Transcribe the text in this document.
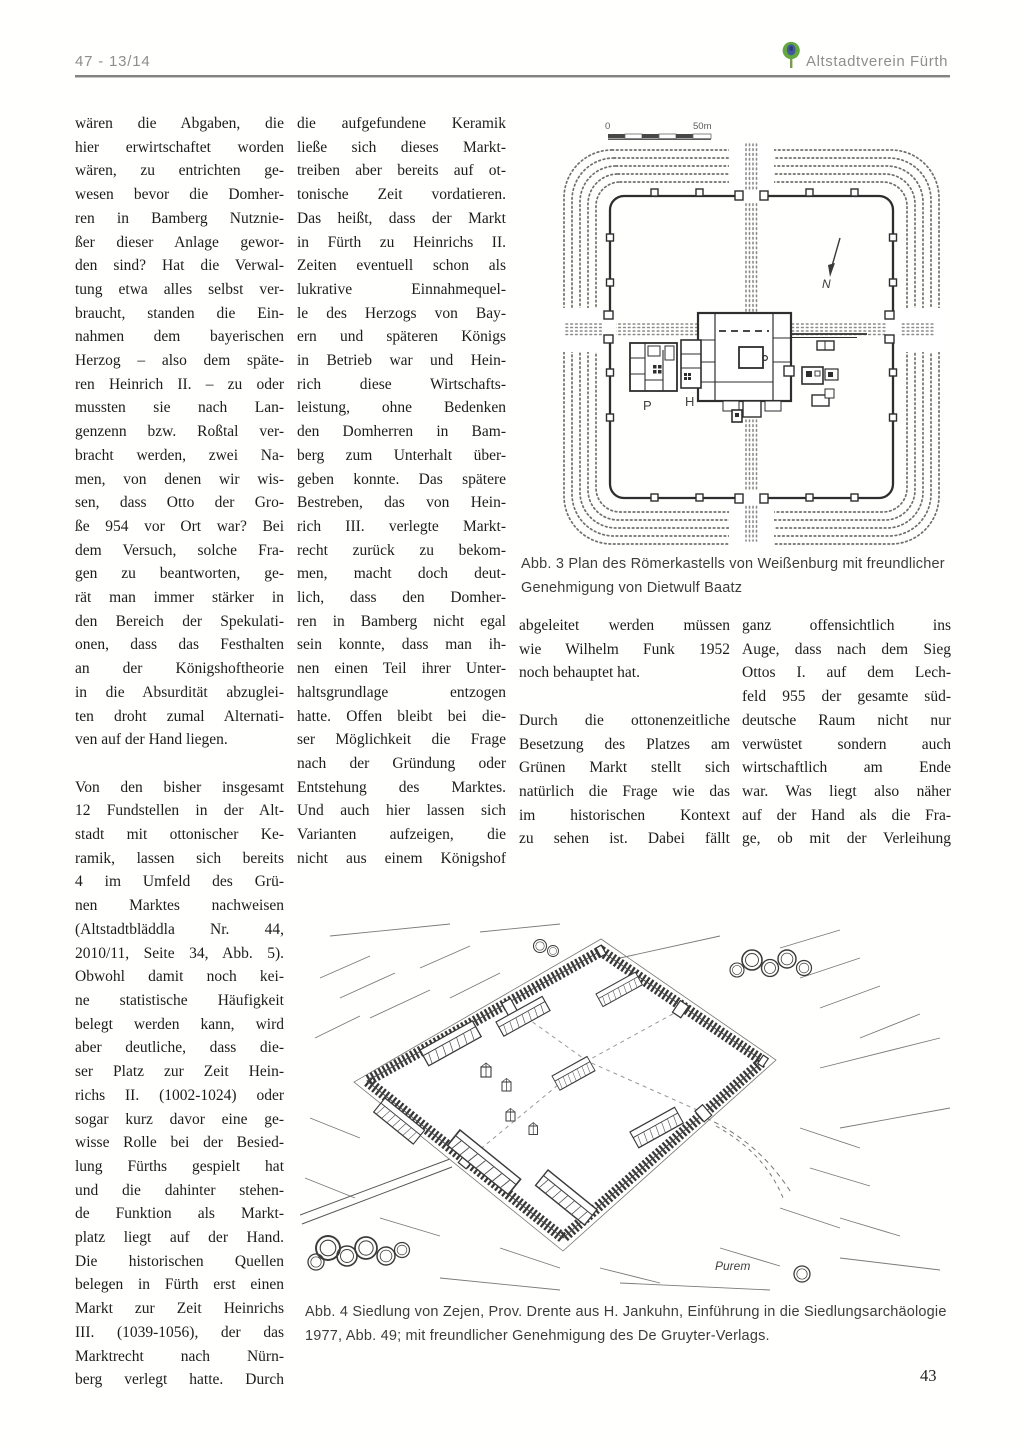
47 - 13/14	Altstadtverein Fürth
wären die Abgaben, die
hier erwirtschaftet worden
wären, zu entrichten ge-
wesen bevor die Domher-
ren in Bamberg Nutznie-
ßer dieser Anlage gewor-
den sind? Hat die Verwal-
tung etwa alles selbst ver-
braucht, standen die Ein-
nahmen dem bayerischen
Herzog – also dem späte-
ren Heinrich II. – zu oder
mussten sie nach Lan-
genzenn bzw. Roßtal ver-
bracht werden, zwei Na-
men, von denen wir wis-
sen, dass Otto der Gro-
ße 954 vor Ort war? Bei
dem Versuch, solche Fra-
gen zu beantworten, ge-
rät man immer stärker in
den Bereich der Spekulati-
onen, dass das Festhalten
an der Königshoftheorie
in die Absurdität abzuglei-
ten droht zumal Alternati-
ven auf der Hand liegen.
Von den bisher insgesamt
12 Fundstellen in der Alt-
stadt mit ottonischer Ke-
ramik, lassen sich bereits
4 im Umfeld des Grü-
nen Marktes nachweisen
(Altstadtbläddla Nr. 44,
2010/11, Seite 34, Abb. 5).
Obwohl damit noch kei-
ne statistische Häufigkeit
belegt werden kann, wird
aber deutliche, dass die-
ser Platz zur Zeit Hein-
richs II. (1002-1024) oder
sogar kurz davor eine ge-
wisse Rolle bei der Besied-
lung Fürths gespielt hat
und die dahinter stehen-
de Funktion als Markt-
platz liegt auf der Hand.
Die historischen Quellen
belegen in Fürth erst einen
Markt zur Zeit Heinrichs
III. (1039-1056), der das
Marktrecht nach Nürn-
berg verlegt hatte. Durch
die aufgefundene Keramik
ließe sich dieses Markt-
treiben aber bereits auf ot-
tonische Zeit vordatieren.
Das heißt, dass der Markt
in Fürth zu Heinrichs II.
Zeiten eventuell schon als
lukrative Einnahmequel-
le des Herzogs von Bay-
ern und späteren Königs
in Betrieb war und Hein-
rich diese Wirtschafts-
leistung, ohne Bedenken
den Domherren in Bam-
berg zum Unterhalt über-
geben konnte. Das spätere
Bestreben, das von Hein-
rich III. verlegte Markt-
recht zurück zu bekom-
men, macht doch deut-
lich, dass den Domher-
ren in Bamberg nicht egal
sein konnte, dass man ih-
nen einen Teil ihrer Unter-
haltsgrundlage entzogen
hatte. Offen bleibt bei die-
ser Möglichkeit die Frage
nach der Gründung oder
Entstehung des Marktes.
Und auch hier lassen sich
Varianten aufzeigen, die
nicht aus einem Königshof
abgeleitet werden müssen
wie Wilhelm Funk 1952
noch behauptet hat.
Durch die ottonenzeitliche
Besetzung des Platzes am
Grünen Markt stellt sich
natürlich die Frage wie das
im historischen Kontext
zu sehen ist. Dabei fällt
ganz offensichtlich ins
Auge, dass nach dem Sieg
Ottos I. auf dem Lech-
feld 955 der gesamte süd-
deutsche Raum nicht nur
verwüstet sondern auch
wirtschaftlich am Ende
war. Was liegt also näher
auf der Hand als die Fra-
ge, ob mit der Verleihung
N
0	50m
P	H
Abb. 3 Plan des Römerkastells von Weißenburg mit freundlicher Genehmigung von Dietwulf Baatz
Purem
Abb. 4 Siedlung von Zejen, Prov. Drente aus H. Jankuhn, Einführung in die Siedlungsarchäologie 1977, Abb. 49; mit freundlicher Genehmigung des De Gruyter-Verlags.
43
